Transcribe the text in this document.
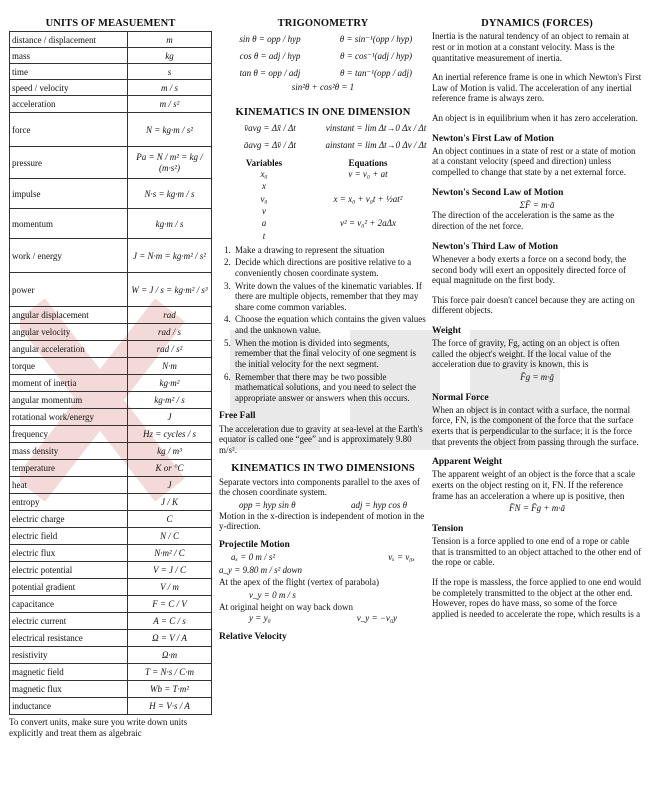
UNITS OF MEASUEMENT
distance / displacement	m
mass	kg
time	s
speed / velocity	m / s
acceleration	m / s²
force	N = kg·m / s²
pressure	Pa = N / m² = kg / (m·s²)
impulse	N·s = kg·m / s
momentum	kg·m / s
work / energy	J = N·m = kg·m² / s²
power	W = J / s = kg·m² / s³
angular displacement	rad
angular velocity	rad / s
angular acceleration	rad / s²
torque	N·m
moment of inertia	kg·m²
angular momentum	kg·m² / s
rotational work/energy	J
frequency	Hz = cycles / s
mass density	kg / m³
temperature	K or °C
heat	J
entropy	J / K
electric charge	C
electric field	N / C
electric flux	N·m² / C
electric potential	V = J / C
potential gradient	V / m
capacitance	F = C / V
electric current	A = C / s
electrical resistance	Ω = V / A
resistivity	Ω·m
magnetic field	T = N·s / C·m
magnetic flux	Wb = T·m²
inductance	H = V·s / A
To convert units, make sure you write down units explicitly and treat them as algebraic
TRIGONOMETRY
sin θ = opp / hyp	θ = sin⁻¹(opp / hyp)
cos θ = adj / hyp	θ = cos⁻¹(adj / hyp)
tan θ = opp / adj	θ = tan⁻¹(opp / adj)
sin²θ + cos²θ = 1
KINEMATICS IN ONE DIMENSION
v̄avg = Δx̄ / Δt	vinstant = lim Δt→0 Δx / Δt
āavg = Δv̄ / Δt	ainstant = lim Δt→0 Δv / Δt
Variables	Equations
x₀	v = v₀ + at
x
v₀	x = x₀ + v₀t + ½at²
v
a	v² = v₀² + 2aΔx
t
1. Make a drawing to represent the situation
2. Decide which directions are positive relative to a conveniently chosen coordinate system.
3. Write down the values of the kinematic variables. If there are multiple objects, remember that they may share come common variables.
4. Choose the equation which contains the given values and the unknown value.
5. When the motion is divided into segments, remember that the final velocity of one segment is the initial velocity for the next segment.
6. Remember that there may be two possible mathematical solutions, and you need to select the appropriate answer or answers when this occurs.
Free Fall

The acceleration due to gravity at sea-level at the Earth's equator is called one “gee” and is approximately 9.80 m/s².

KINEMATICS IN TWO DIMENSIONS

Separate vectors into components parallel to the axes of the chosen coordinate system.

opp = hyp sin θ	adj = hyp cos θ

Motion in the x-direction is independent of motion in the y-direction.

Projectile Motion
aₓ = 0 m / s²	vₓ = v₀ₓ
a_y = 9.80 m / s² down
At the apex of the flight (vertex of parabola)
v_y = 0 m / s
At original height on way back down
y = y₀	v_y = −v₀y
Relative Velocity
DYNAMICS (FORCES)

Inertia is the natural tendency of an object to remain at rest or in motion at a constant velocity. Mass is the quantitative measurement of inertia.

An inertial reference frame is one in which Newton's First Law of Motion is valid. The acceleration of any inertial reference frame is always zero.

An object is in equilibrium when it has zero acceleration.

Newton's First Law of Motion

An object continues in a state of rest or a state of motion at a constant velocity (speed and direction) unless compelled to change that state by a net external force.

Newton's Second Law of Motion
ΣF̄ = m·ā

The direction of the acceleration is the same as the direction of the net force.

Newton's Third Law of Motion

Whenever a body exerts a force on a second body, the second body will exert an oppositely directed force of equal magnitude on the first body.

This force pair doesn't cancel because they are acting on different objects.

Weight

The force of gravity, Fg, acting on an object is often called the object's weight. If the local value of the acceleration due to gravity is known, this is

F̄g = m·ḡ
Normal Force

When an object is in contact with a surface, the normal force, FN, is the component of the force that the surface exerts that is perpendicular to the surface; it is the force that prevents the object from passing through the surface.

Apparent Weight

The apparent weight of an object is the force that a scale exerts on the object resting on it, FN. If the reference frame has an acceleration a where up is positive, then

F̄N = F̄g + m·ā
Tension

Tension is a force applied to one end of a rope or cable that is transmitted to an object attached to the other end of the rope or cable.

If the rope is massless, the force applied to one end would be completely transmitted to the object at the other end. However, ropes do have mass, so some of the force applied is needed to accelerate the rope, which results is a
